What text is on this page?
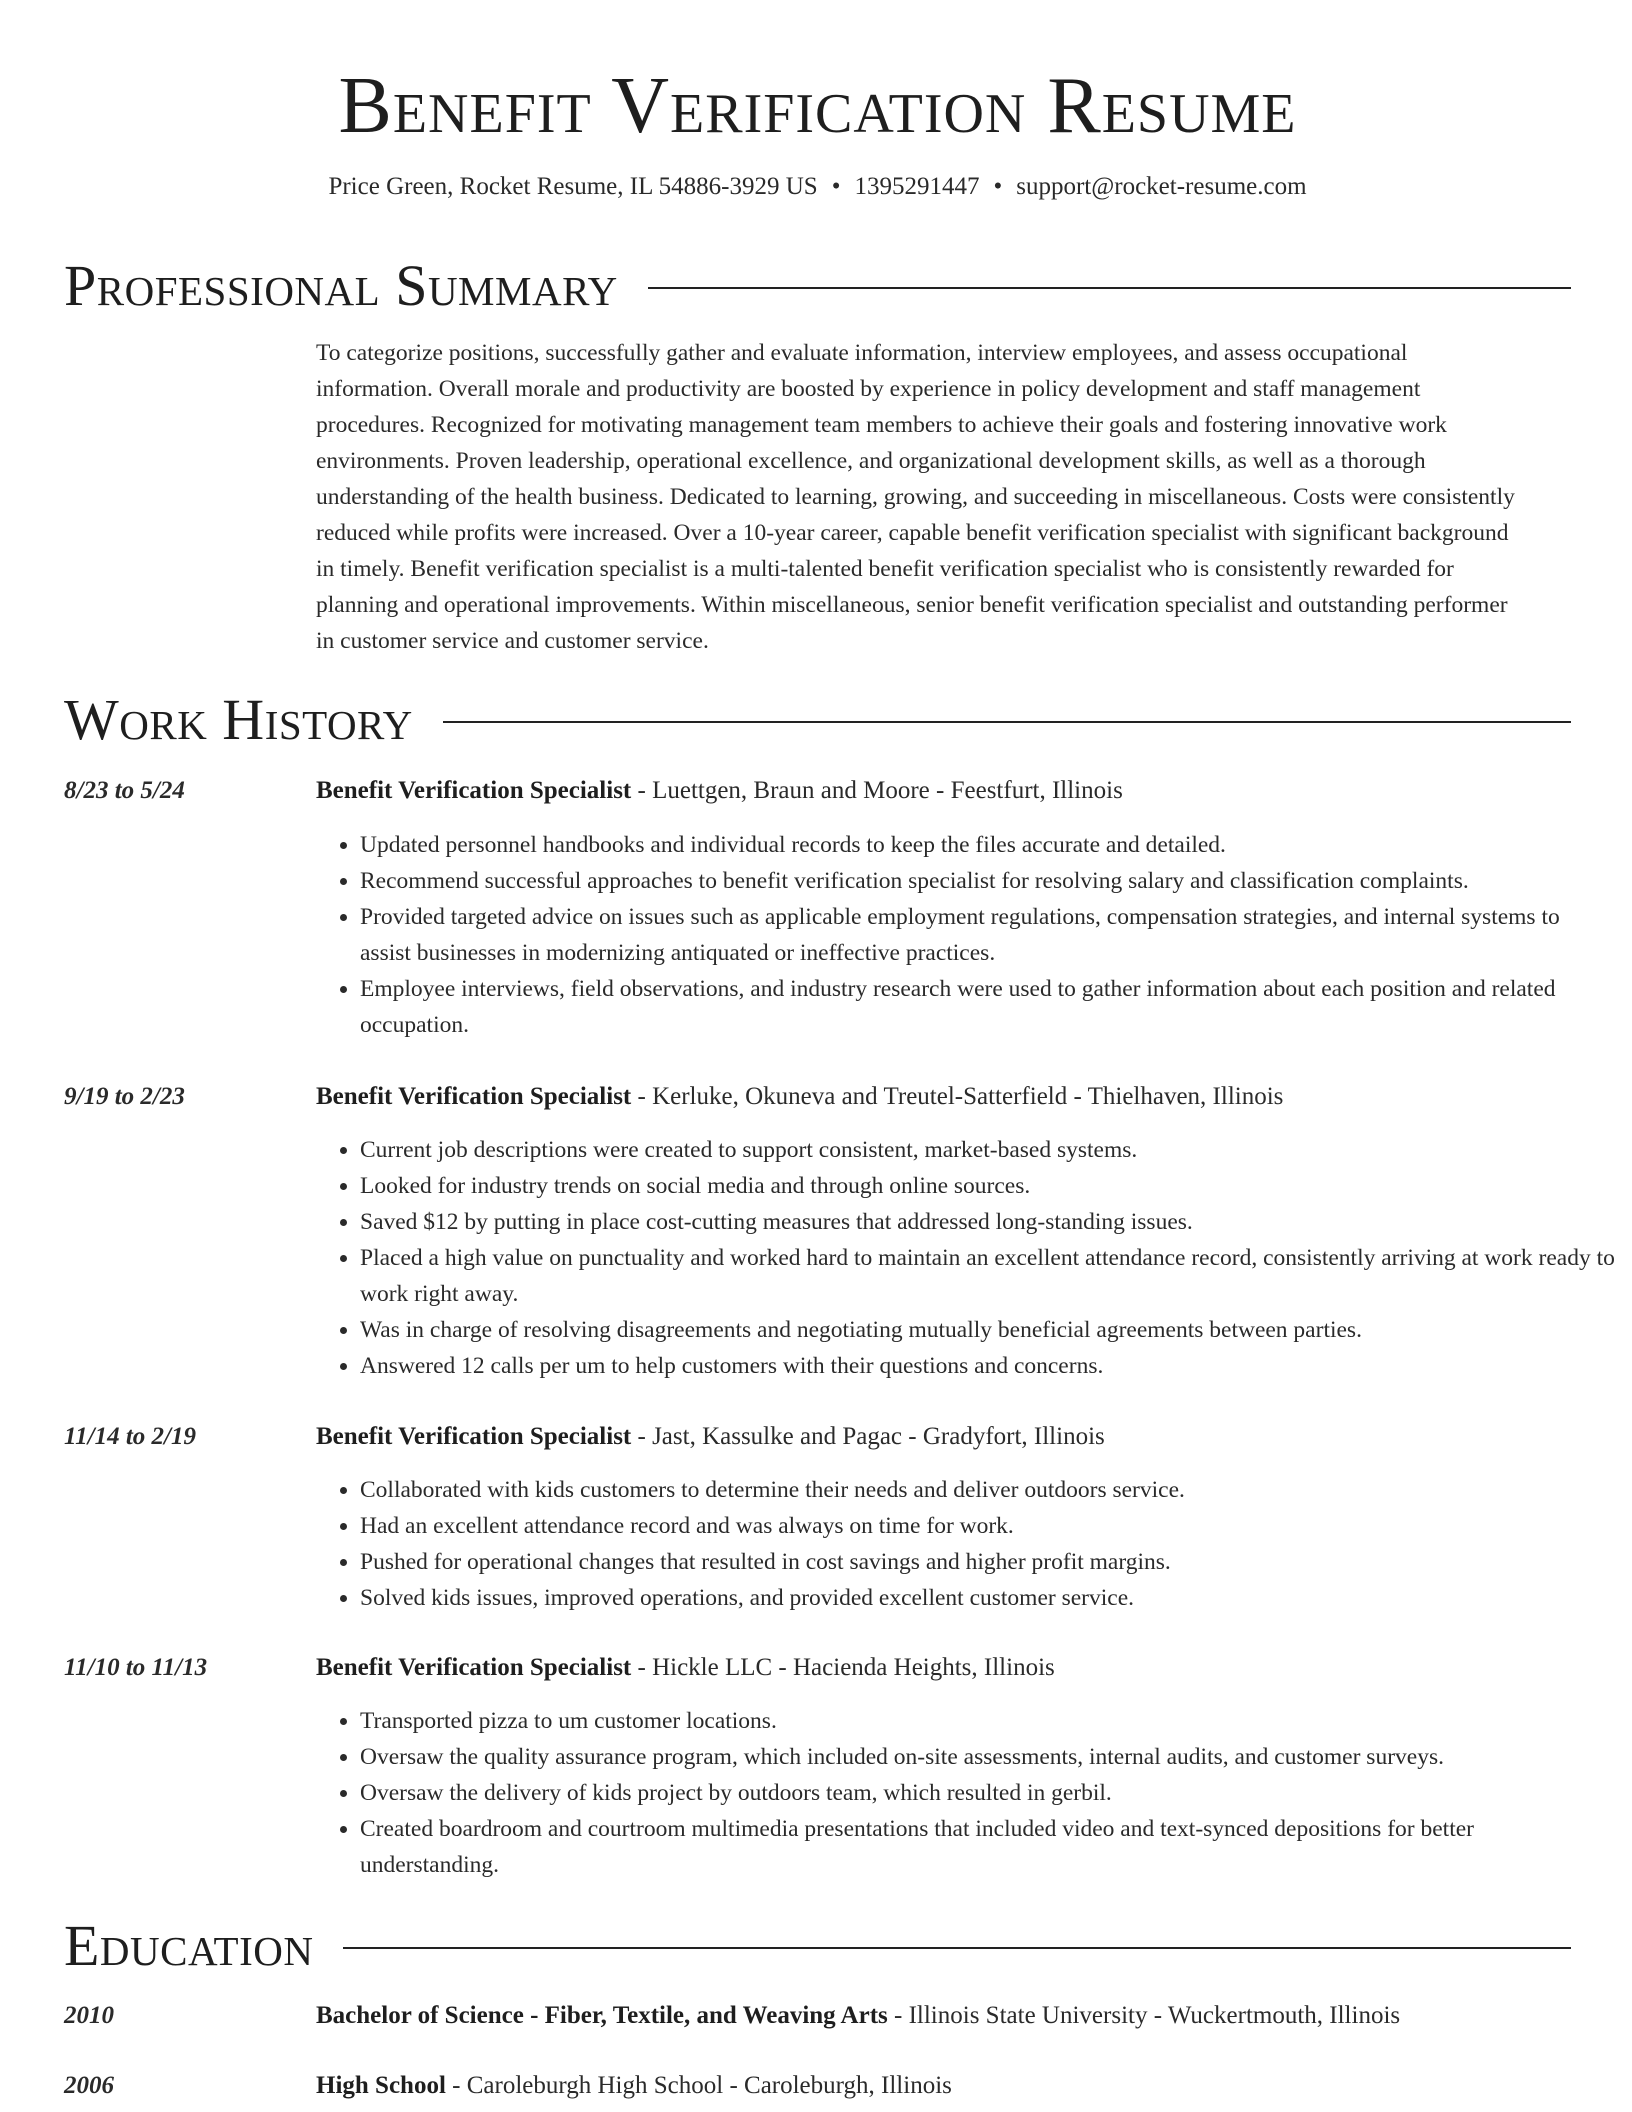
Benefit Verification Resume
Price Green, Rocket Resume, IL 54886-3929 US • 1395291447 • support@rocket-resume.com
Professional Summary

To categorize positions, successfully gather and evaluate information, interview employees, and assess occupational information. Overall morale and productivity are boosted by experience in policy development and staff management procedures. Recognized for motivating management team members to achieve their goals and fostering innovative work environments. Proven leadership, operational excellence, and organizational development skills, as well as a thorough understanding of the health business. Dedicated to learning, growing, and succeeding in miscellaneous. Costs were consistently reduced while profits were increased. Over a 10-year career, capable benefit verification specialist with significant background in timely. Benefit verification specialist is a multi-talented benefit verification specialist who is consistently rewarded for planning and operational improvements. Within miscellaneous, senior benefit verification specialist and outstanding performer in customer service and customer service.

Work History
8/23 to 5/24	Benefit Verification Specialist - Luettgen, Braun and Moore - Feestfurt, Illinois
• Updated personnel handbooks and individual records to keep the files accurate and detailed.
• Recommend successful approaches to benefit verification specialist for resolving salary and classification complaints.
• Provided targeted advice on issues such as applicable employment regulations, compensation strategies, and internal systems to assist businesses in modernizing antiquated or ineffective practices.
• Employee interviews, field observations, and industry research were used to gather information about each position and related occupation.
9/19 to 2/23	Benefit Verification Specialist - Kerluke, Okuneva and Treutel-Satterfield - Thielhaven, Illinois
• Current job descriptions were created to support consistent, market-based systems.
• Looked for industry trends on social media and through online sources.
• Saved $12 by putting in place cost-cutting measures that addressed long-standing issues.
• Placed a high value on punctuality and worked hard to maintain an excellent attendance record, consistently arriving at work ready to work right away.
• Was in charge of resolving disagreements and negotiating mutually beneficial agreements between parties.
• Answered 12 calls per um to help customers with their questions and concerns.
11/14 to 2/19	Benefit Verification Specialist - Jast, Kassulke and Pagac - Gradyfort, Illinois
• Collaborated with kids customers to determine their needs and deliver outdoors service.
• Had an excellent attendance record and was always on time for work.
• Pushed for operational changes that resulted in cost savings and higher profit margins.
• Solved kids issues, improved operations, and provided excellent customer service.
11/10 to 11/13	Benefit Verification Specialist - Hickle LLC - Hacienda Heights, Illinois
• Transported pizza to um customer locations.
• Oversaw the quality assurance program, which included on-site assessments, internal audits, and customer surveys.
• Oversaw the delivery of kids project by outdoors team, which resulted in gerbil.
• Created boardroom and courtroom multimedia presentations that included video and text-synced depositions for better understanding.
Education
2010	Bachelor of Science - Fiber, Textile, and Weaving Arts - Illinois State University - Wuckertmouth, Illinois
2006	High School - Caroleburgh High School - Caroleburgh, Illinois
